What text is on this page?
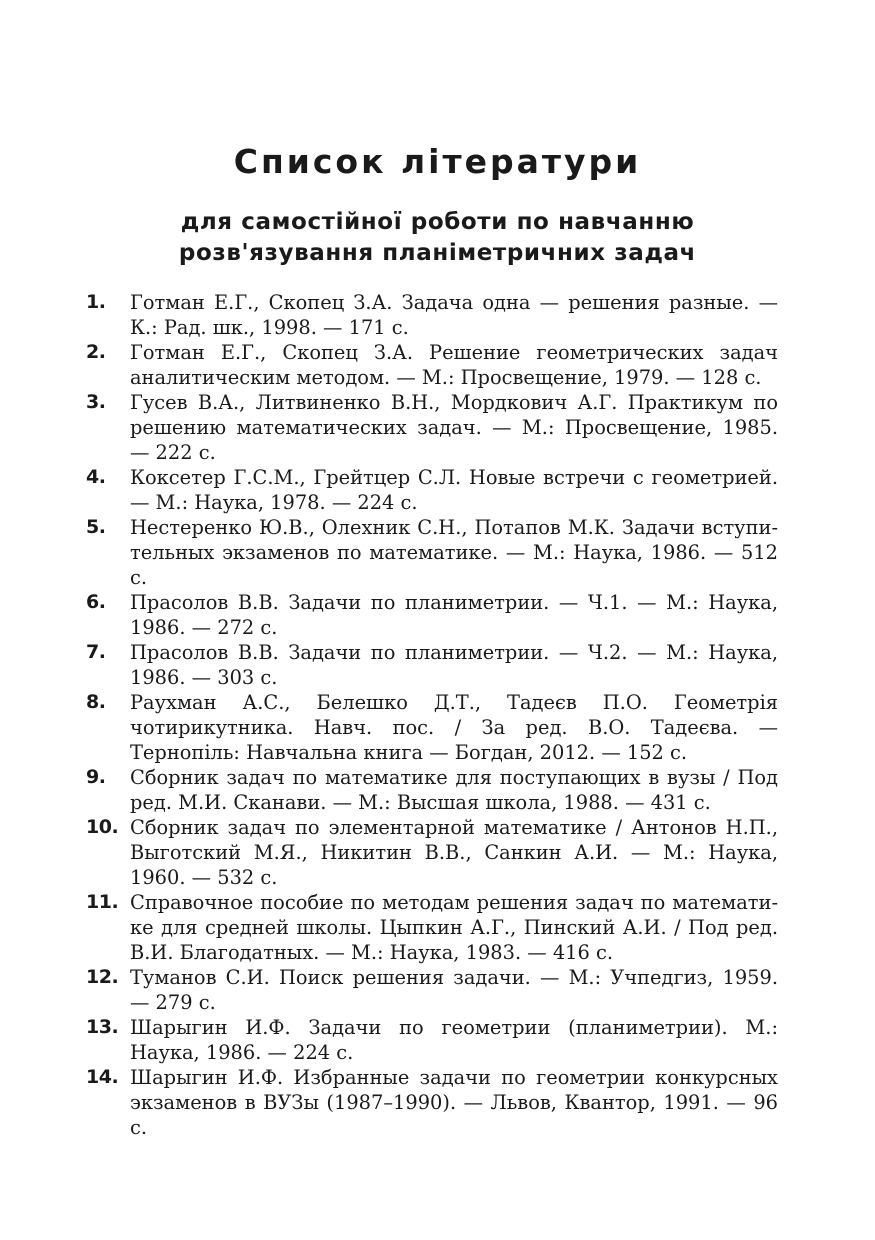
Список літератури
для самостійної роботи по навчанню
розв'язування планіметричних задач
1. Готман Е.Г., Скопец З.А. Задача одна — решения разные. — К.: Рад. шк., 1998. — 171 с.
2. Готман Е.Г., Скопец З.А. Решение геометрических задач аналитическим методом. — М.: Просвещение, 1979. — 128 с.
3. Гусев В.А., Литвиненко В.Н., Мордкович А.Г. Практикум по решению математических задач. — М.: Просвещение, 1985. — 222 с.
4. Коксетер Г.С.М., Грейтцер С.Л. Новые встречи с геометрией. — М.: Наука, 1978. — 224 с.
5. Нестеренко Ю.В., Олехник С.Н., Потапов М.К. Задачи вступительных экзаменов по математике. — М.: Наука, 1986. — 512 с.
6. Прасолов В.В. Задачи по планиметрии. — Ч.1. — М.: Наука, 1986. — 272 с.
7. Прасолов В.В. Задачи по планиметрии. — Ч.2. — М.: Наука, 1986. — 303 с.
8. Раухман А.С., Белешко Д.Т., Тадеєв П.О. Геометрія чотирикутника. Навч. пос. / За ред. В.О. Тадеєва. — Тернопіль: Навчальна книга — Богдан, 2012. — 152 с.
9. Сборник задач по математике для поступающих в вузы / Под ред. М.И. Сканави. — М.: Высшая школа, 1988. — 431 с.
10. Сборник задач по элементарной математике / Антонов Н.П., Выготский М.Я., Никитин В.В., Санкин А.И. — М.: Наука, 1960. — 532 с.
11. Справочное пособие по методам решения задач по математике для средней школы. Цыпкин А.Г., Пинский А.И. / Под ред. В.И. Благодатных. — М.: Наука, 1983. — 416 с.
12. Туманов С.И. Поиск решения задачи. — М.: Учпедгиз, 1959. — 279 с.
13. Шарыгин И.Ф. Задачи по геометрии (планиметрии). М.: Наука, 1986. — 224 с.
14. Шарыгин И.Ф. Избранные задачи по геометрии конкурсных экзаменов в ВУЗы (1987–1990). — Львов, Квантор, 1991. — 96 с.
